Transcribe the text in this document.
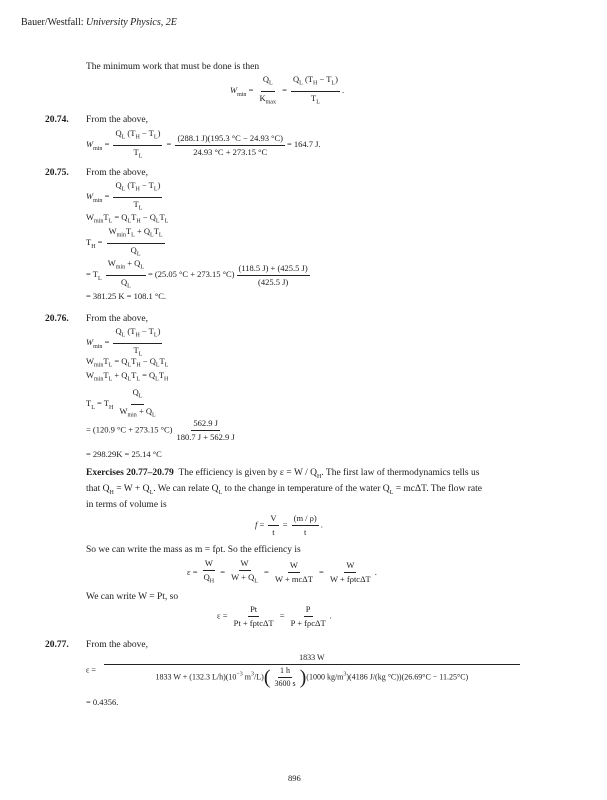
Bauer/Westfall: University Physics, 2E
The minimum work that must be done is then
$W_{min} = \frac{Q_L}{K_{max}} = \frac{Q_L (T_H - T_L)}{T_L}$ .
20.74. From the above,
$W_{min} = \frac{Q_L (T_H - T_L)}{T_L} = \frac{(288.1 J)(195.3 ^\circ C - 24.93 ^\circ C)}{24.93 ^\circ C + 273.15 ^\circ C} = 164.7$ J.
20.75. From the above,
$W_{min} = \frac{Q_L (T_H - T_L)}{T_L}$
$W_{min}T_L = Q_LT_H - Q_LT_L$
$T_H = \frac{W_{min}T_L + Q_LT_L}{Q_L}$
= $T_L \frac{W_{min} + Q_L}{Q_L} = (25.05$ °C + 273.15 $^\circ C) \frac{(118.5 J) + (425.5 J)}{(425.5 J)}$
= 381.25 K = 108.1 °C.
20.76. From the above,
$W_{min} = \frac{Q_L (T_H - T_L)}{T_L}$
$W_{min}T_L = Q_LT_H - Q_LT_L$
$W_{min}T_L + Q_LT_L = Q_LT_H$
$T_L = T_H \frac{Q_L}{W_{min} + Q_L}$
= (120.9 °C + 273.15 $^\circ C) \frac{562.9 J}{180.7 J + 562.9 J}$
= 298.29K = 25.14 °C
Exercises 20.77–20.79 The efficiency is given by $\varepsilon = W / Q_H$. The first law of thermodynamics tells us
that $Q_H = W + Q_L$. We can relate $Q_L$ to the change in temperature of the water $Q_L = mc\Delta T$. The flow rate
in terms of volume is
$f = \frac{V}{t} = \frac{(m / \rho)}{t}$ .
So we can write the mass as m = fρt. So the efficiency is
$\varepsilon = \frac{W}{Q_H} = \frac{W}{W + Q_L} = \frac{W}{\text{W + mcΔT}} = \frac{W}{\text{W + fρtcΔT}}$ .
We can write W = Pt, so
$\varepsilon = \frac{Pt}{\text{Pt + fρtcΔT}} = \frac{P}{\text{P + fρcΔT}}$ .
20.77. From the above,
ε =
1833 W
1833 W + (132.3 $L/h)(10^{-3}$ $m^3/L)( \frac{1 h}{3600 s} )(1000$ $kg/m^3)(4186$ J/(kg °C))(26.69°C − 11.25°C)
= 0.4356.
896
